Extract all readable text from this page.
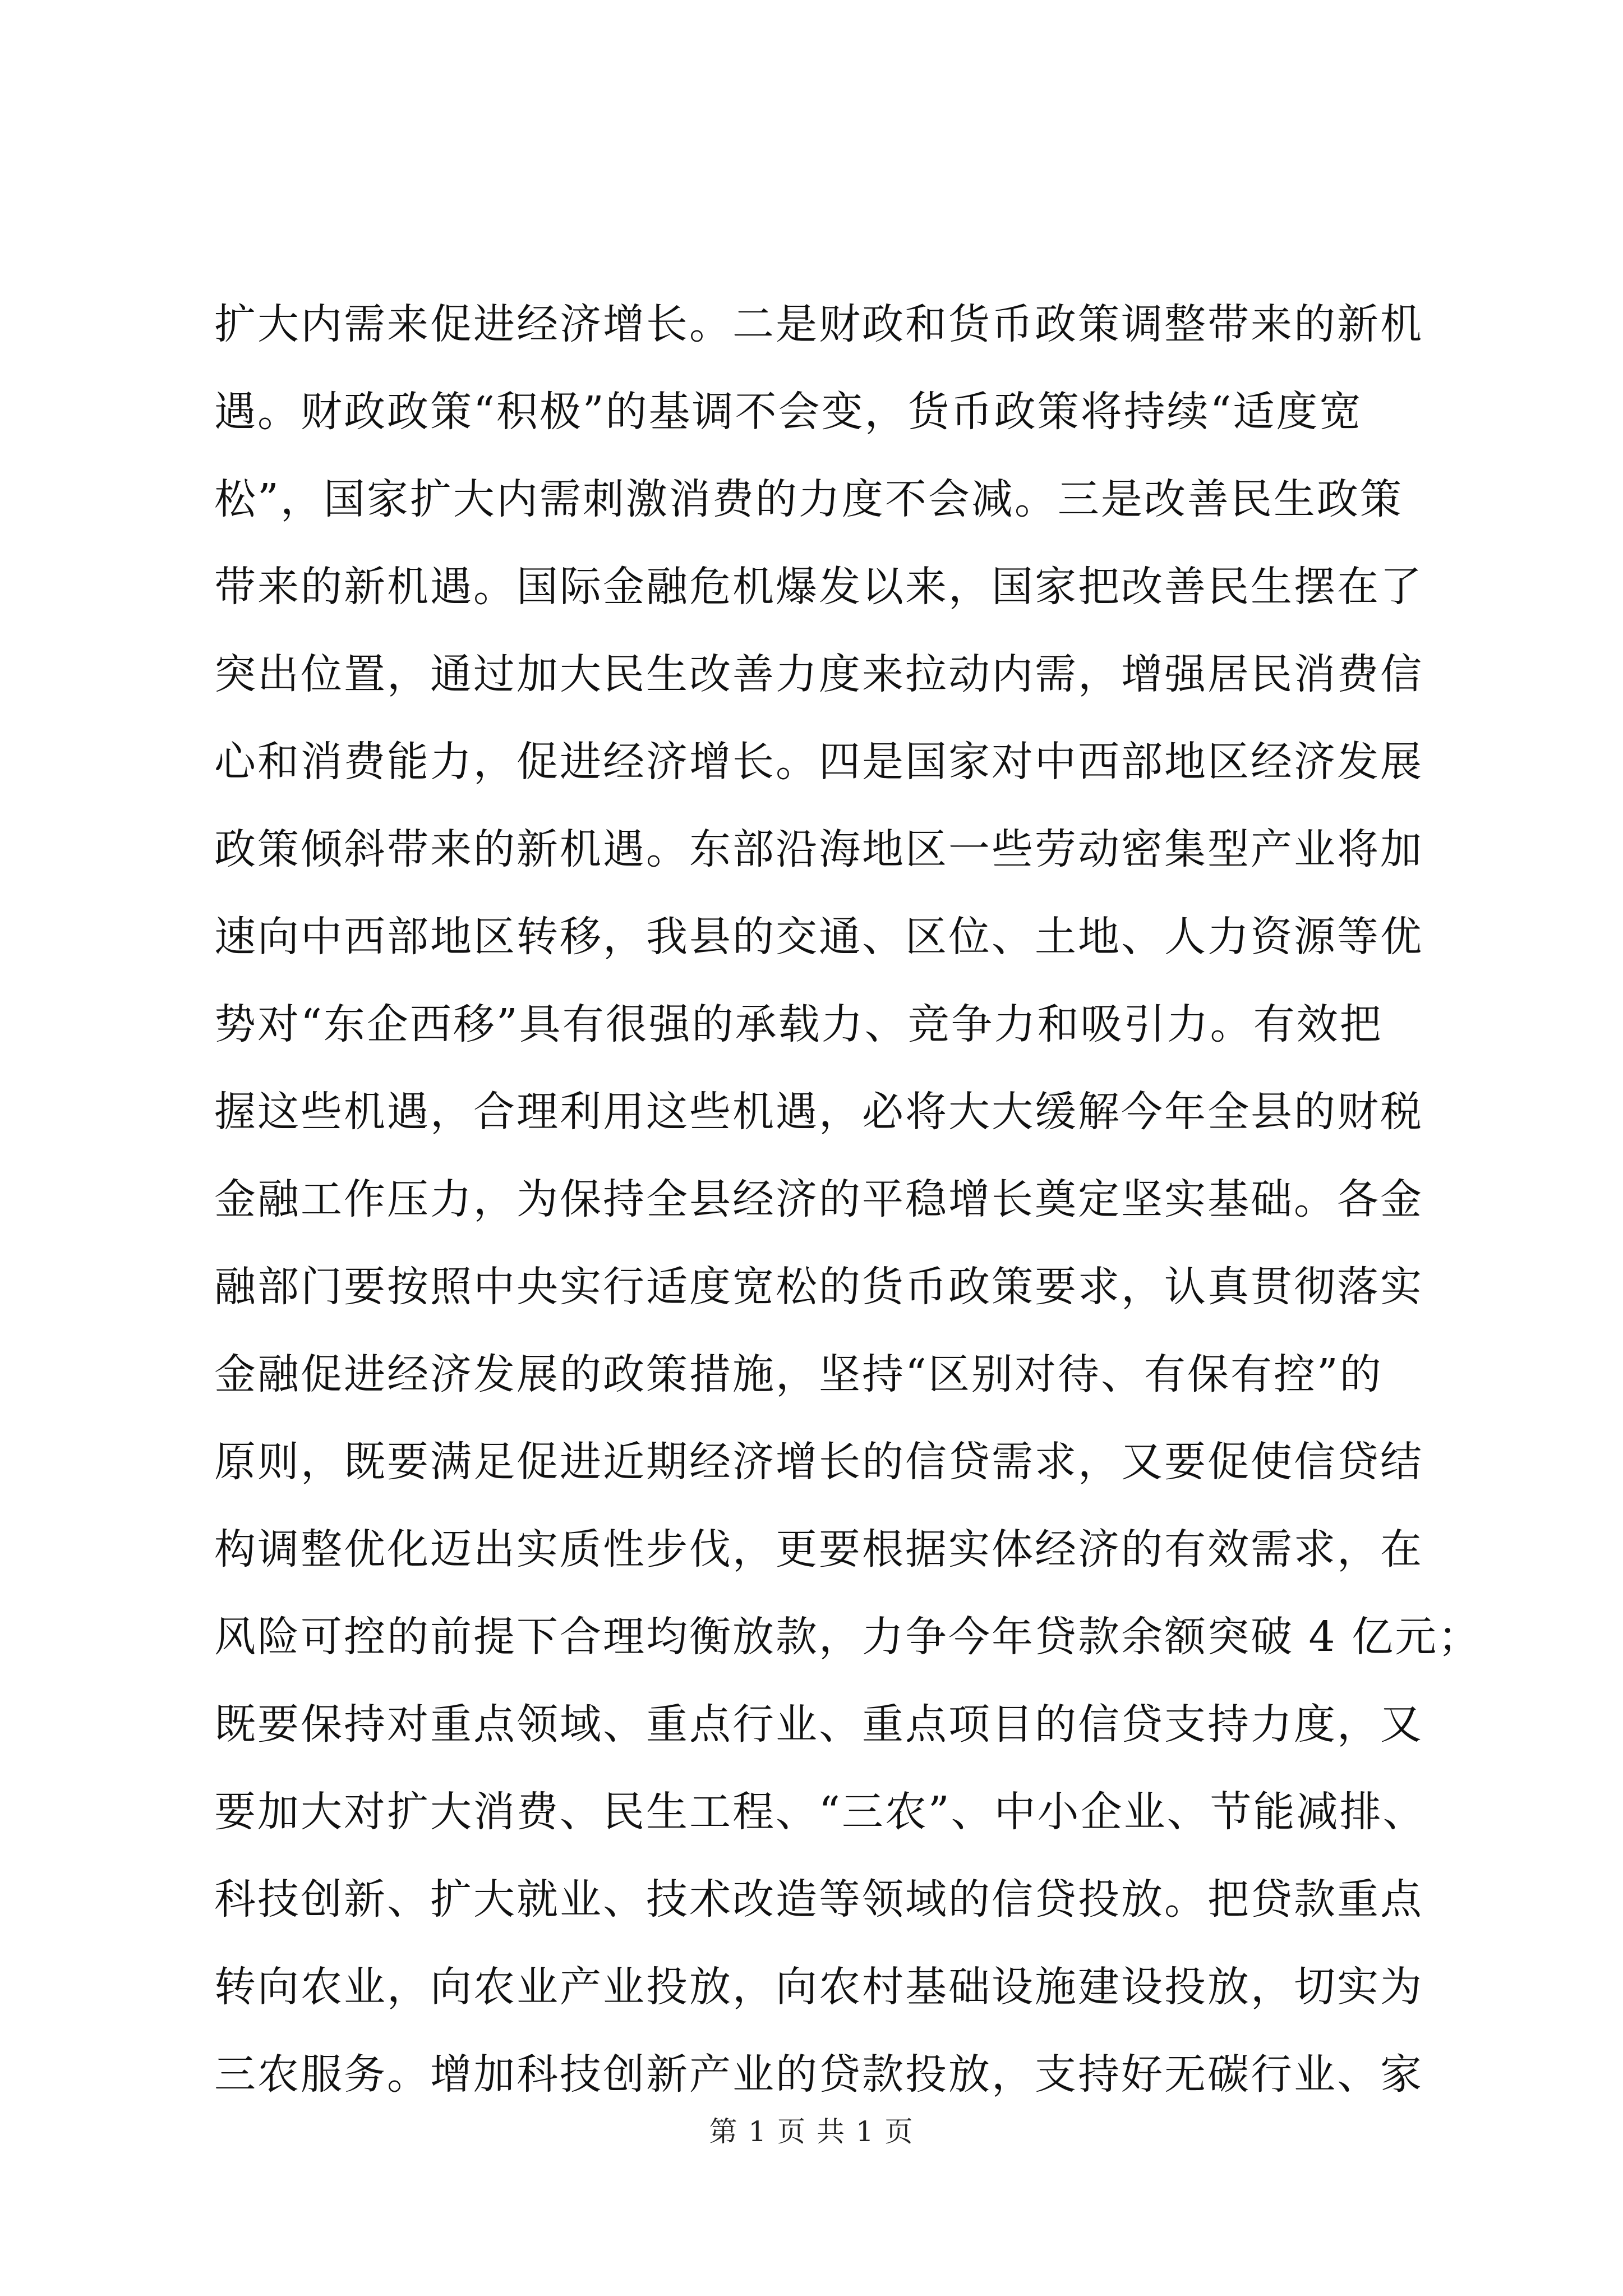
扩大内需来促进经济增长。二是财政和货币政策调整带来的新机
遇。财政政策“积极”的基调不会变，货币政策将持续“适度宽
松”，国家扩大内需刺激消费的力度不会减。三是改善民生政策
带来的新机遇。国际金融危机爆发以来，国家把改善民生摆在了
突出位置，通过加大民生改善力度来拉动内需，增强居民消费信
心和消费能力，促进经济增长。四是国家对中西部地区经济发展
政策倾斜带来的新机遇。东部沿海地区一些劳动密集型产业将加
速向中西部地区转移，我县的交通、区位、土地、人力资源等优
势对“东企西移”具有很强的承载力、竞争力和吸引力。有效把
握这些机遇，合理利用这些机遇，必将大大缓解今年全县的财税
金融工作压力，为保持全县经济的平稳增长奠定坚实基础。各金
融部门要按照中央实行适度宽松的货币政策要求，认真贯彻落实
金融促进经济发展的政策措施，坚持“区别对待、有保有控”的
原则，既要满足促进近期经济增长的信贷需求，又要促使信贷结
构调整优化迈出实质性步伐，更要根据实体经济的有效需求，在
风险可控的前提下合理均衡放款，力争今年贷款余额突破 4 亿元；
既要保持对重点领域、重点行业、重点项目的信贷支持力度，又
要加大对扩大消费、民生工程、“三农”、中小企业、节能减排、
科技创新、扩大就业、技术改造等领域的信贷投放。把贷款重点
转向农业，向农业产业投放，向农村基础设施建设投放，切实为
三农服务。增加科技创新产业的贷款投放，支持好无碳行业、家
第 1 页 共 1 页
